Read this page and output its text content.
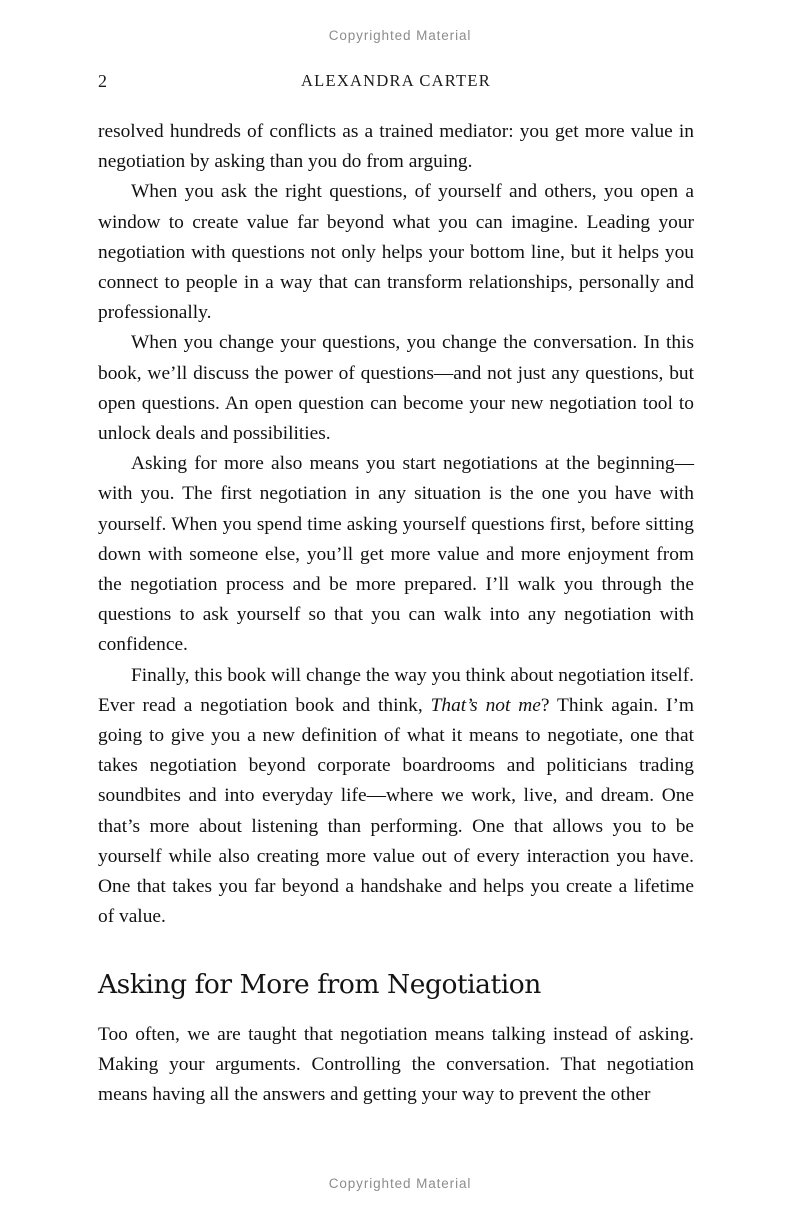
Copyrighted Material
2	ALEXANDRA CARTER

resolved hundreds of conflicts as a trained mediator: you get more value in negotiation by asking than you do from arguing.

When you ask the right questions, of yourself and others, you open a window to create value far beyond what you can imagine. Leading your negotiation with questions not only helps your bottom line, but it helps you connect to people in a way that can transform relationships, personally and professionally.

When you change your questions, you change the conversation. In this book, we’ll discuss the power of questions—and not just any questions, but open questions. An open question can become your new negotiation tool to unlock deals and possibilities.

Asking for more also means you start negotiations at the beginning—with you. The first negotiation in any situation is the one you have with yourself. When you spend time asking yourself questions first, before sitting down with someone else, you’ll get more value and more enjoyment from the negotiation process and be more prepared. I’ll walk you through the questions to ask yourself so that you can walk into any negotiation with confidence.

Finally, this book will change the way you think about negotiation itself. Ever read a negotiation book and think, That’s not me? Think again. I’m going to give you a new definition of what it means to negotiate, one that takes negotiation beyond corporate boardrooms and politicians trading soundbites and into everyday life—where we work, live, and dream. One that’s more about listening than performing. One that allows you to be yourself while also creating more value out of every interaction you have. One that takes you far beyond a handshake and helps you create a lifetime of value.

Asking for More from Negotiation

Too often, we are taught that negotiation means talking instead of asking. Making your arguments. Controlling the conversation. That negotiation means having all the answers and getting your way to prevent the other

Copyrighted Material
